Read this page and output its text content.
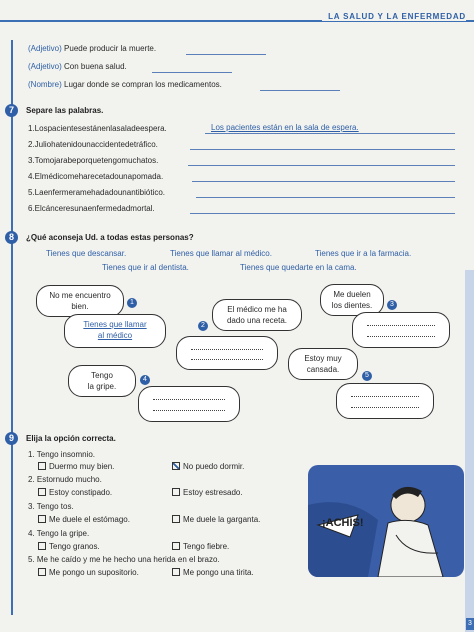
LA SALUD Y LA ENFERMEDAD
3
(Adjetivo) Puede producir la muerte.
(Adjetivo) Con buena salud.
(Nombre) Lugar donde se compran los medicamentos.
7	Separe las palabras.
1.Lospacientesestánenlasaladeespera.	Los pacientes están en la sala de espera.
2.Juliohatenidounaccidentedetráfico.
3.Tomojarabeporquetengomuchatos.
4.Elmédicomeharecetadounapomada.
5.Laenfermeramehadadounantibiótico.
6.Elcánceresunaenfermedadmortal.
8	¿Qué aconseja Ud. a todas estas personas?
Tienes que descansar.	Tienes que llamar al médico.	Tienes que ir a la farmacia.
Tienes que ir al dentista.	Tienes que quedarte en la cama.
No me encuentro
bien.	1
Tienes que llamar
al médico
El médico me ha
dado una receta.
2
Me duelen
los dientes.	3
Tengo
la gripe.
4
Estoy muy
cansada.
5
9	Elija la opción correcta.
1. Tengo insomnio.
Duermo muy bien.	No puedo dormir.
2. Estornudo mucho.
Estoy constipado.	Estoy estresado.
3. Tengo tos.
Me duele el estómago.	Me duele la garganta.
4. Tengo la gripe.
Tengo granos.	Tengo fiebre.
5. Me he caído y me he hecho una herida en el brazo.
Me pongo un supositorio.	Me pongo una tirita.
¡ACHÍS!
